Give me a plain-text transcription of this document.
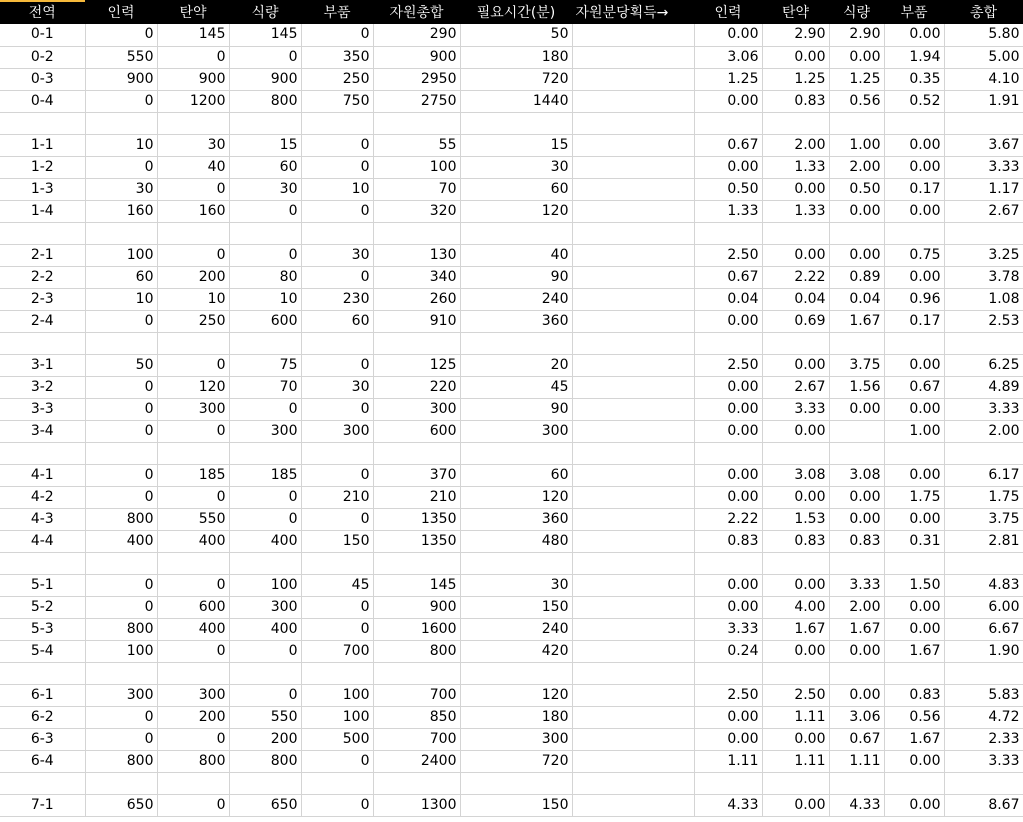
전역	인력	탄약	식량	부품	자원총합	필요시간(분)	자원분당획득→	인력	탄약	식량	부품	총합
0-1	0	145	145	0	290	50		0.00	2.90	2.90	0.00	5.80
0-2	550	0	0	350	900	180		3.06	0.00	0.00	1.94	5.00
0-3	900	900	900	250	2950	720		1.25	1.25	1.25	0.35	4.10
0-4	0	1200	800	750	2750	1440		0.00	0.83	0.56	0.52	1.91

1-1	10	30	15	0	55	15		0.67	2.00	1.00	0.00	3.67
1-2	0	40	60	0	100	30		0.00	1.33	2.00	0.00	3.33
1-3	30	0	30	10	70	60		0.50	0.00	0.50	0.17	1.17
1-4	160	160	0	0	320	120		1.33	1.33	0.00	0.00	2.67

2-1	100	0	0	30	130	40		2.50	0.00	0.00	0.75	3.25
2-2	60	200	80	0	340	90		0.67	2.22	0.89	0.00	3.78
2-3	10	10	10	230	260	240		0.04	0.04	0.04	0.96	1.08
2-4	0	250	600	60	910	360		0.00	0.69	1.67	0.17	2.53

3-1	50	0	75	0	125	20		2.50	0.00	3.75	0.00	6.25
3-2	0	120	70	30	220	45		0.00	2.67	1.56	0.67	4.89
3-3	0	300	0	0	300	90		0.00	3.33	0.00	0.00	3.33
3-4	0	0	300	300	600	300		0.00	0.00		1.00	2.00

4-1	0	185	185	0	370	60		0.00	3.08	3.08	0.00	6.17
4-2	0	0	0	210	210	120		0.00	0.00	0.00	1.75	1.75
4-3	800	550	0	0	1350	360		2.22	1.53	0.00	0.00	3.75
4-4	400	400	400	150	1350	480		0.83	0.83	0.83	0.31	2.81

5-1	0	0	100	45	145	30		0.00	0.00	3.33	1.50	4.83
5-2	0	600	300	0	900	150		0.00	4.00	2.00	0.00	6.00
5-3	800	400	400	0	1600	240		3.33	1.67	1.67	0.00	6.67
5-4	100	0	0	700	800	420		0.24	0.00	0.00	1.67	1.90

6-1	300	300	0	100	700	120		2.50	2.50	0.00	0.83	5.83
6-2	0	200	550	100	850	180		0.00	1.11	3.06	0.56	4.72
6-3	0	0	200	500	700	300		0.00	0.00	0.67	1.67	2.33
6-4	800	800	800	0	2400	720		1.11	1.11	1.11	0.00	3.33

7-1	650	0	650	0	1300	150		4.33	0.00	4.33	0.00	8.67
